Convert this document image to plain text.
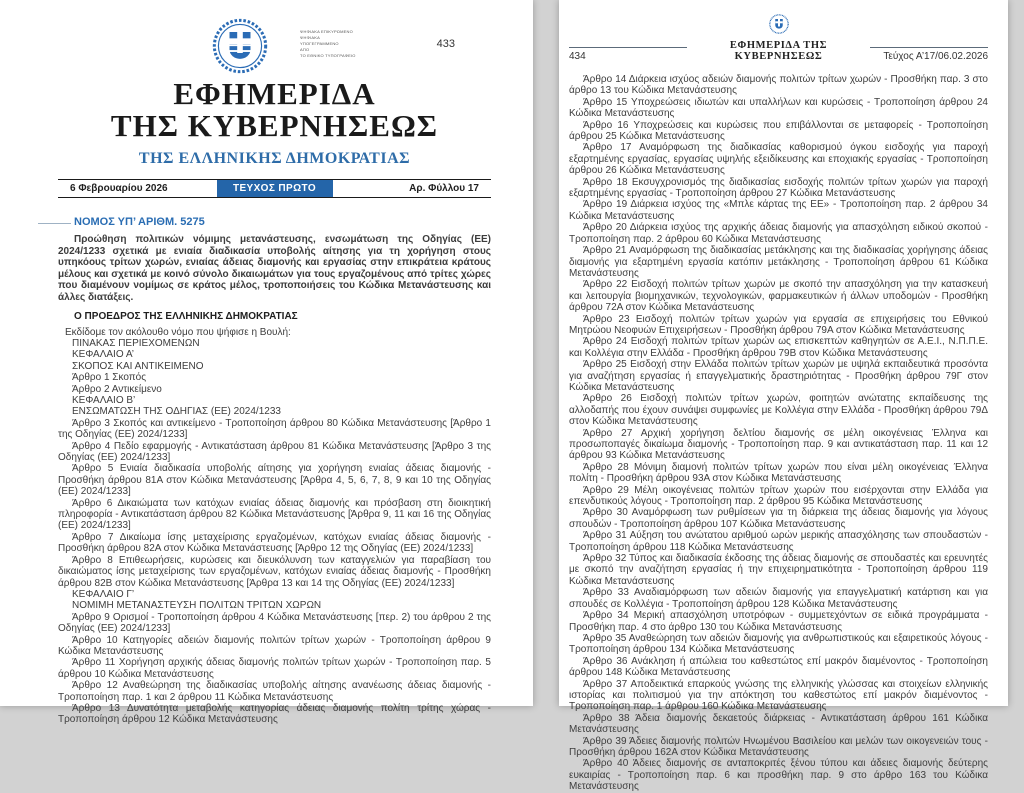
ΨΗΦΙΑΚΑ ΕΠΙΚΥΡΩΜΕΝΟ

ΨΗΦΙΑΚΑ

ΥΠΟΓΕΓΡΑΜΜΕΝΟ

ΑΠΟ

ΤΟ ΕΘΝΙΚΟ ΤΥΠΟΓΡΑΦΕΙΟ

433
ΕΦΗΜΕΡΙΔΑ
ΤΗΣ ΚΥΒΕΡΝΗΣΕΩΣ
ΤΗΣ ΕΛΛΗΝΙΚΗΣ ΔΗΜΟΚΡΑΤΙΑΣ
6 Φεβρουαρίου 2026	ΤΕΥΧΟΣ ΠΡΩΤΟ	Αρ. Φύλλου 17
ΝΟΜΟΣ ΥΠ’ ΑΡΙΘΜ. 5275

Προώθηση πολιτικών νόμιμης μετανάστευσης, ενσωμάτωση της Οδηγίας (ΕΕ) 2024/1233 σχετικά με ενιαία διαδικασία υποβολής αίτησης για τη χορήγηση στους υπηκόους τρίτων χωρών, ενιαίας άδειας διαμονής και εργασίας στην επικράτεια κράτους μέλους και σχετικά με κοινό σύνολο δικαιωμάτων για τους εργαζομένους από τρίτες χώρες που διαμένουν νομίμως σε κράτος μέλος, τροποποιήσεις του Κώδικα Μετανάστευσης και άλλες διατάξεις.

Ο ΠΡΟΕΔΡΟΣ ΤΗΣ ΕΛΛΗΝΙΚΗΣ ΔΗΜΟΚΡΑΤΙΑΣ

Εκδίδομε τον ακόλουθο νόμο που ψήφισε η Βουλή:

ΠΙΝΑΚΑΣ ΠΕΡΙΕΧΟΜΕΝΩΝ

ΚΕΦΑΛΑΙΟ Α’

ΣΚΟΠΟΣ ΚΑΙ ΑΝΤΙΚΕΙΜΕΝΟ

Άρθρο 1 Σκοπός

Άρθρο 2 Αντικείμενο

ΚΕΦΑΛΑΙΟ Β’

ΕΝΣΩΜΑΤΩΣΗ ΤΗΣ ΟΔΗΓΙΑΣ (ΕΕ) 2024/1233

Άρθρο 3 Σκοπός και αντικείμενο - Τροποποίηση άρθρου 80 Κώδικα Μετανάστευσης [Άρθρο 1 της Οδηγίας (ΕΕ) 2024/1233]

Άρθρο 4 Πεδίο εφαρμογής - Αντικατάσταση άρθρου 81 Κώδικα Μετανάστευσης [Άρθρο 3 της Οδηγίας (ΕΕ) 2024/1233]

Άρθρο 5 Ενιαία διαδικασία υποβολής αίτησης για χορήγηση ενιαίας άδειας διαμονής - Προσθήκη άρθρου 81Α στον Κώδικα Μετανάστευσης [Άρθρα 4, 5, 6, 7, 8, 9 και 10 της Οδηγίας (ΕΕ) 2024/1233]

Άρθρο 6 Δικαιώματα των κατόχων ενιαίας άδειας διαμονής και πρόσβαση στη διοικητική πληροφορία - Αντικατάσταση άρθρου 82 Κώδικα Μετανάστευσης [Άρθρα 9, 11 και 16 της Οδηγίας (ΕΕ) 2024/1233]

Άρθρο 7 Δικαίωμα ίσης μεταχείρισης εργαζομένων, κατόχων ενιαίας άδειας διαμονής - Προσθήκη άρθρου 82Α στον Κώδικα Μετανάστευσης [Άρθρο 12 της Οδηγίας (ΕΕ) 2024/1233]

Άρθρο 8 Επιθεωρήσεις, κυρώσεις και διευκόλυνση των καταγγελιών για παραβίαση του δικαιώματος ίσης μεταχείρισης των εργαζομένων, κατόχων ενιαίας άδειας διαμονής - Προσθήκη άρθρου 82Β στον Κώδικα Μετανάστευσης [Άρθρα 13 και 14 της Οδηγίας (ΕΕ) 2024/1233]

ΚΕΦΑΛΑΙΟ Γ’

ΝΟΜΙΜΗ ΜΕΤΑΝΑΣΤΕΥΣΗ ΠΟΛΙΤΩΝ ΤΡΙΤΩΝ ΧΩΡΩΝ

Άρθρο 9 Ορισμοί - Τροποποίηση άρθρου 4 Κώδικα Μετανάστευσης [περ. 2) του άρθρου 2 της Οδηγίας (ΕΕ) 2024/1233]

Άρθρο 10 Κατηγορίες αδειών διαμονής πολιτών τρίτων χωρών - Τροποποίηση άρθρου 9 Κώδικα Μετανάστευσης

Άρθρο 11 Χορήγηση αρχικής άδειας διαμονής πολιτών τρίτων χωρών - Τροποποίηση παρ. 5 άρθρου 10 Κώδικα Μετανάστευσης

Άρθρο 12 Αναθεώρηση της διαδικασίας υποβολής αίτησης ανανέωσης άδειας διαμονής - Τροποποίηση παρ. 1 και 2 άρθρου 11 Κώδικα Μετανάστευσης

Άρθρο 13 Δυνατότητα μεταβολής κατηγορίας άδειας διαμονής πολίτη τρίτης χώρας - Τροποποίηση άρθρου 12 Κώδικα Μετανάστευσης

434
ΕΦΗΜΕΡΙΔΑ ΤΗΣ ΚΥΒΕΡΝΗΣΕΩΣ	Τεύχος Α’17/06.02.2026

Άρθρο 14 Διάρκεια ισχύος αδειών διαμονής πολιτών τρίτων χωρών - Προσθήκη παρ. 3 στο άρθρο 13 του Κώδικα Μετανάστευσης

Άρθρο 15 Υποχρεώσεις ιδιωτών και υπαλλήλων και κυρώσεις - Τροποποίηση άρθρου 24 Κώδικα Μετανάστευσης

Άρθρο 16 Υποχρεώσεις και κυρώσεις που επιβάλλονται σε μεταφορείς - Τροποποίηση άρθρου 25 Κώδικα Μετανάστευσης

Άρθρο 17 Αναμόρφωση της διαδικασίας καθορισμού όγκου εισδοχής για παροχή εξαρτημένης εργασίας, εργασίας υψηλής εξειδίκευσης και εποχιακής εργασίας - Τροποποίηση άρθρου 26 Κώδικα Μετανάστευσης

Άρθρο 18 Εκσυγχρονισμός της διαδικασίας εισδοχής πολιτών τρίτων χωρών για παροχή εξαρτημένης εργασίας - Τροποποίηση άρθρου 27 Κώδικα Μετανάστευσης

Άρθρο 19 Διάρκεια ισχύος της «Μπλε κάρτας της ΕΕ» - Τροποποίηση παρ. 2 άρθρου 34 Κώδικα Μετανάστευσης

Άρθρο 20 Διάρκεια ισχύος της αρχικής άδειας διαμονής για απασχόληση ειδικού σκοπού - Τροποποίηση παρ. 2 άρθρου 60 Κώδικα Μετανάστευσης

Άρθρο 21 Αναμόρφωση της διαδικασίας μετάκλησης και της διαδικασίας χορήγησης άδειας διαμονής για εξαρτημένη εργασία κατόπιν μετάκλησης - Τροποποίηση άρθρου 61 Κώδικα Μετανάστευσης

Άρθρο 22 Εισδοχή πολιτών τρίτων χωρών με σκοπό την απασχόληση για την κατασκευή και λειτουργία βιομηχανικών, τεχνολογικών, φαρμακευτικών ή άλλων υποδομών - Προσθήκη άρθρου 72Α στον Κώδικα Μετανάστευσης

Άρθρο 23 Εισδοχή πολιτών τρίτων χωρών για εργασία σε επιχειρήσεις του Εθνικού Μητρώου Νεοφυών Επιχειρήσεων - Προσθήκη άρθρου 79Α στον Κώδικα Μετανάστευσης

Άρθρο 24 Εισδοχή πολιτών τρίτων χωρών ως επισκεπτών καθηγητών σε Α.Ε.Ι., Ν.Π.Π.Ε. και Κολλέγια στην Ελλάδα - Προσθήκη άρθρου 79Β στον Κώδικα Μετανάστευσης

Άρθρο 25 Εισδοχή στην Ελλάδα πολιτών τρίτων χωρών με υψηλά εκπαιδευτικά προσόντα για αναζήτηση εργασίας ή επαγγελματικής δραστηριότητας - Προσθήκη άρθρου 79Γ στον Κώδικα Μετανάστευσης

Άρθρο 26 Εισδοχή πολιτών τρίτων χωρών, φοιτητών ανώτατης εκπαίδευσης της αλλοδαπής που έχουν συνάψει συμφωνίες με Κολλέγια στην Ελλάδα - Προσθήκη άρθρου 79Δ στον Κώδικα Μετανάστευσης

Άρθρο 27 Αρχική χορήγηση δελτίου διαμονής σε μέλη οικογένειας Έλληνα και προσωποπαγές δικαίωμα διαμονής - Τροποποίηση παρ. 9 και αντικατάσταση παρ. 11 και 12 άρθρου 93 Κώδικα Μετανάστευσης

Άρθρο 28 Μόνιμη διαμονή πολιτών τρίτων χωρών που είναι μέλη οικογένειας Έλληνα πολίτη - Προσθήκη άρθρου 93Α στον Κώδικα Μετανάστευσης

Άρθρο 29 Μέλη οικογένειας πολιτών τρίτων χωρών που εισέρχονται στην Ελλάδα για επενδυτικούς λόγους - Τροποποίηση παρ. 2 άρθρου 95 Κώδικα Μετανάστευσης

Άρθρο 30 Αναμόρφωση των ρυθμίσεων για τη διάρκεια της άδειας διαμονής για λόγους σπουδών - Τροποποίηση άρθρου 107 Κώδικα Μετανάστευσης

Άρθρο 31 Αύξηση του ανώτατου αριθμού ωρών μερικής απασχόλησης των σπουδαστών - Τροποποίηση άρθρου 118 Κώδικα Μετανάστευσης

Άρθρο 32 Τύπος και διαδικασία έκδοσης της άδειας διαμονής σε σπουδαστές και ερευνητές με σκοπό την αναζήτηση εργασίας ή την επιχειρηματικότητα - Τροποποίηση άρθρου 119 Κώδικα Μετανάστευσης

Άρθρο 33 Αναδιαμόρφωση των αδειών διαμονής για επαγγελματική κατάρτιση και για σπουδές σε Κολλέγια - Τροποποίηση άρθρου 128 Κώδικα Μετανάστευσης

Άρθρο 34 Μερική απασχόληση υποτρόφων - συμμετεχόντων σε ειδικά προγράμματα - Προσθήκη παρ. 4 στο άρθρο 130 του Κώδικα Μετανάστευσης

Άρθρο 35 Αναθεώρηση των αδειών διαμονής για ανθρωπιστικούς και εξαιρετικούς λόγους - Τροποποίηση άρθρου 134 Κώδικα Μετανάστευσης

Άρθρο 36 Ανάκληση ή απώλεια του καθεστώτος επί μακρόν διαμένοντος - Τροποποίηση άρθρου 148 Κώδικα Μετανάστευσης

Άρθρο 37 Αποδεικτικά επαρκούς γνώσης της ελληνικής γλώσσας και στοιχείων ελληνικής ιστορίας και πολιτισμού για την απόκτηση του καθεστώτος επί μακρόν διαμένοντος - Τροποποίηση παρ. 1 άρθρου 160 Κώδικα Μετανάστευσης

Άρθρο 38 Άδεια διαμονής δεκαετούς διάρκειας - Αντικατάσταση άρθρου 161 Κώδικα Μετανάστευσης

Άρθρο 39 Άδειες διαμονής πολιτών Ηνωμένου Βασιλείου και μελών των οικογενειών τους - Προσθήκη άρθρου 162Α στον Κώδικα Μετανάστευσης

Άρθρο 40 Άδειες διαμονής σε ανταποκριτές ξένου τύπου και άδειες διαμονής δεύτερης ευκαιρίας - Τροποποίηση παρ. 6 και προσθήκη παρ. 9 στο άρθρο 163 του Κώδικα Μετανάστευσης
